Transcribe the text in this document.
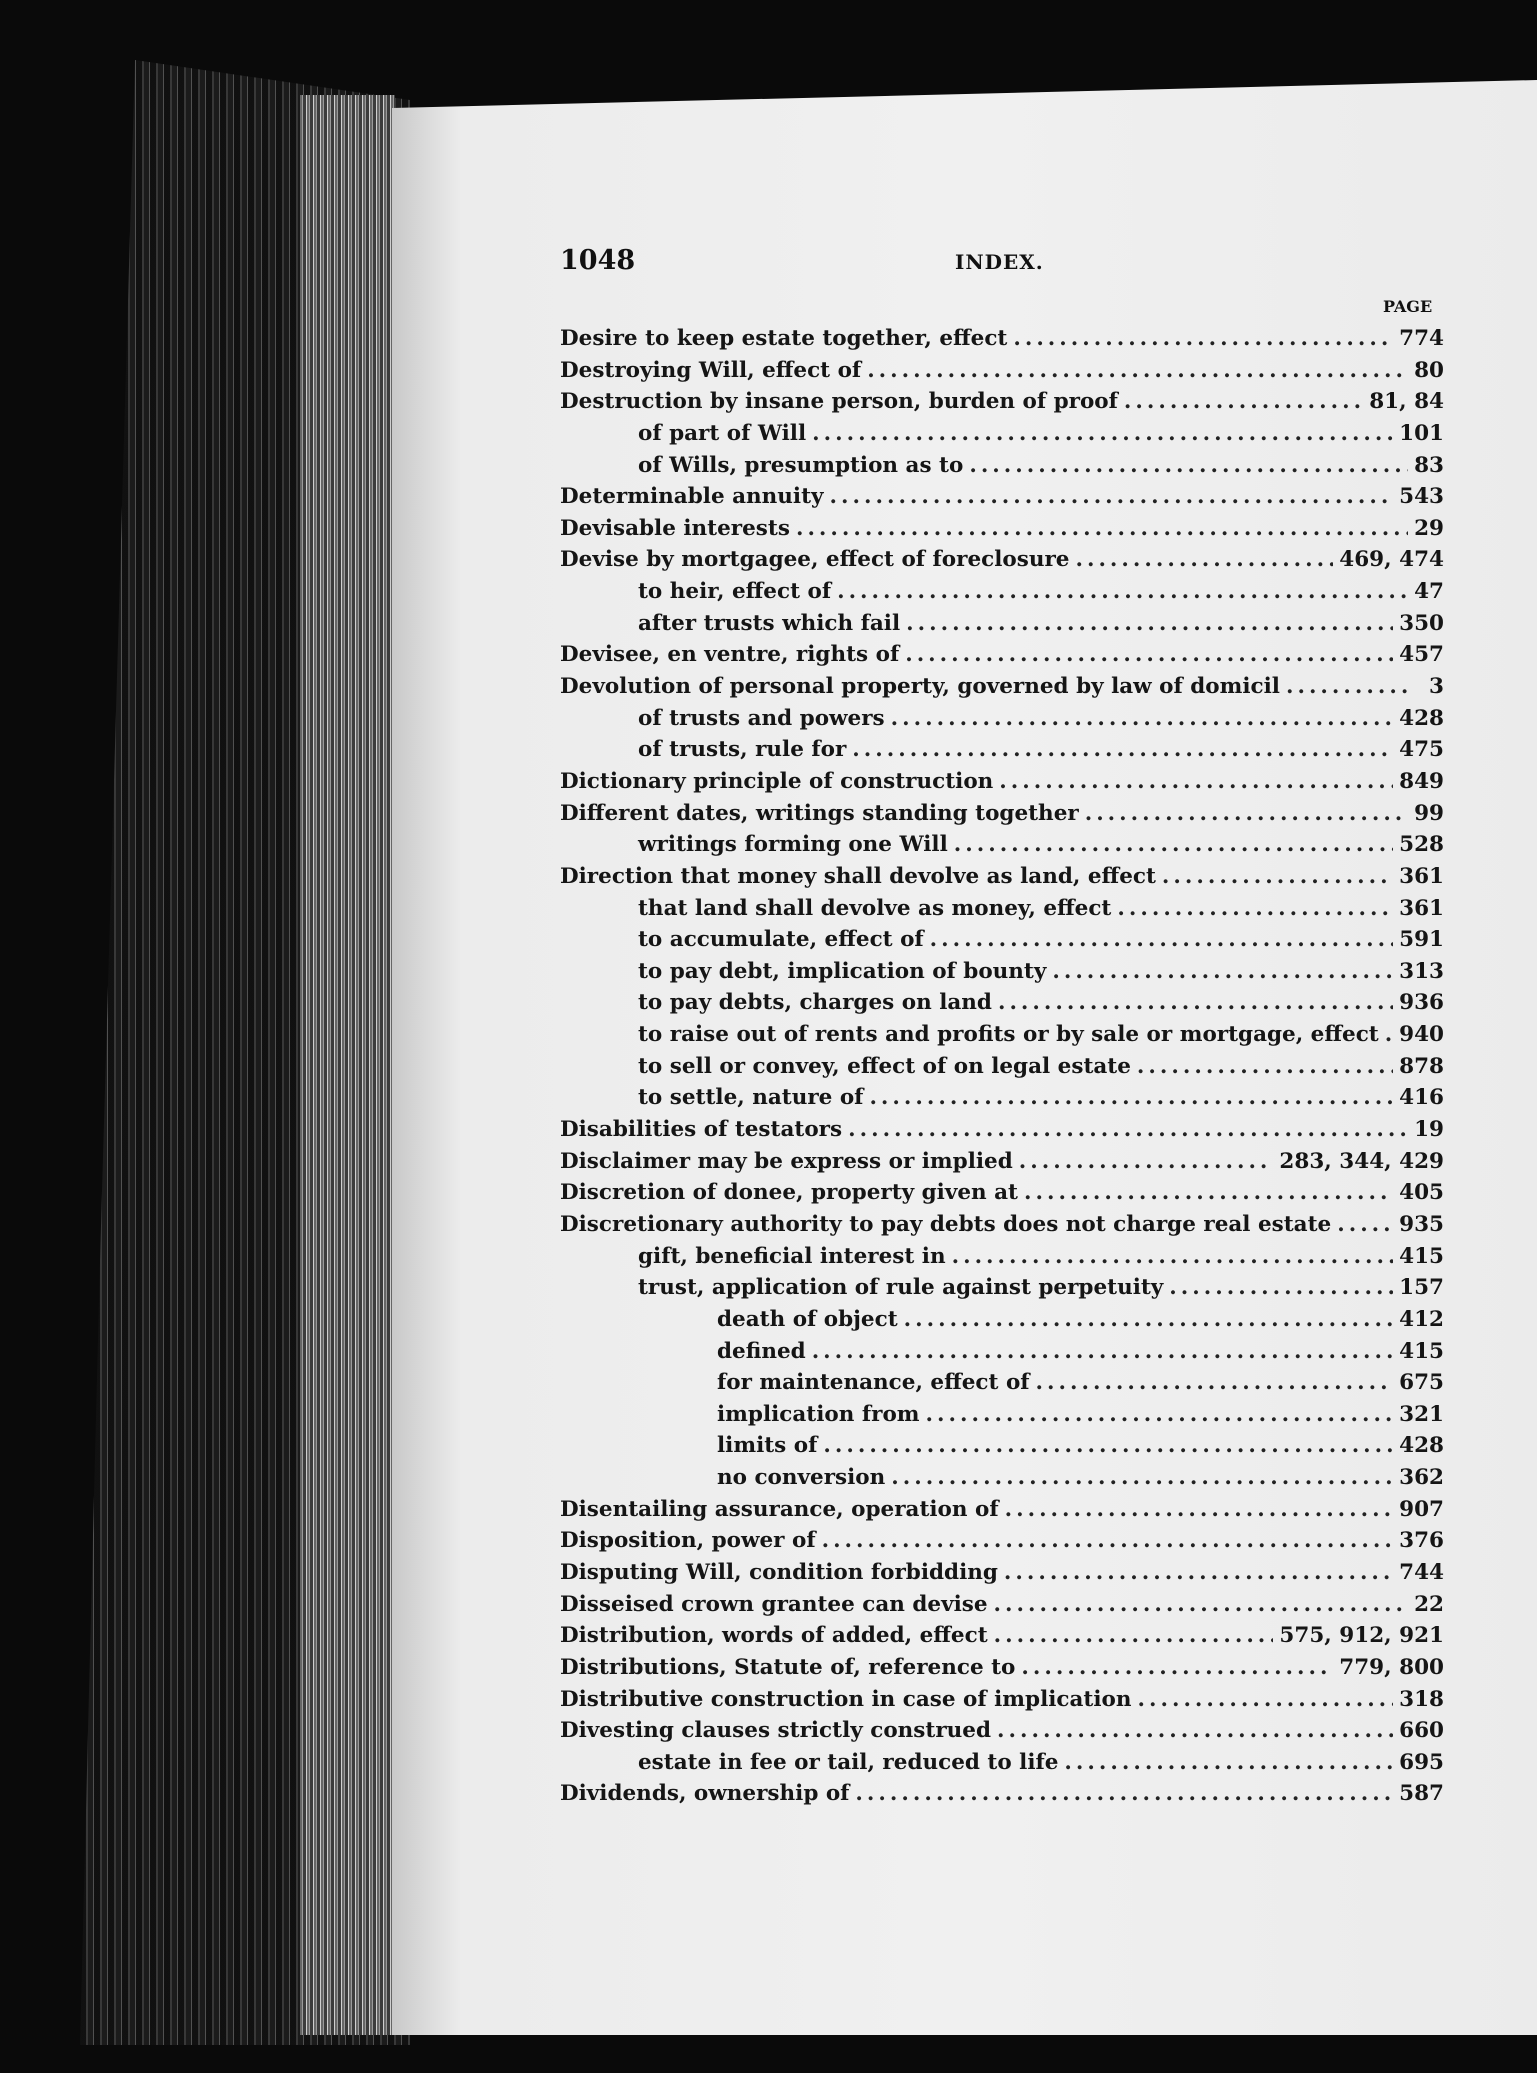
1048	INDEX.
PAGE
Desire to keep estate together, effect .....	774
Destroying Will, effect of .....	80
Destruction by insane person, burden of proof .....	81, 84
of part of Will .....	101
of Wills, presumption as to .....	83
Determinable annuity .....	543
Devisable interests .....	29
Devise by mortgagee, effect of foreclosure .....	469, 474
to heir, effect of .....	47
after trusts which fail .....	350
Devisee, en ventre, rights of .....	457
Devolution of personal property, governed by law of domicil .....	3
of trusts and powers .....	428
of trusts, rule for .....	475
Dictionary principle of construction .....	849
Different dates, writings standing together .....	99
writings forming one Will .....	528
Direction that money shall devolve as land, effect .....	361
that land shall devolve as money, effect .....	361
to accumulate, effect of .....	591
to pay debt, implication of bounty .....	313
to pay debts, charges on land .....	936
to raise out of rents and profits or by sale or mortgage, effect ..... 940
to sell or convey, effect of on legal estate .....	878
to settle, nature of .....	416
Disabilities of testators .....	19
Disclaimer may be express or implied .....	283, 344, 429
Discretion of donee, property given at .....	405
Discretionary authority to pay debts does not charge real estate .....	935
gift, beneficial interest in .....	415
trust, application of rule against perpetuity .....	157
death of object .....	412
defined .....	415
for maintenance, effect of .....	675
implication from .....	321
limits of .....	428
no conversion .....	362
Disentailing assurance, operation of .....	907
Disposition, power of .....	376
Disputing Will, condition forbidding .....	744
Disseised crown grantee can devise .....	22
Distribution, words of added, effect .....	575, 912, 921
Distributions, Statute of, reference to .....	779, 800
Distributive construction in case of implication .....	318
Divesting clauses strictly construed .....	660
estate in fee or tail, reduced to life .....	695
Dividends, ownership of .....	587
